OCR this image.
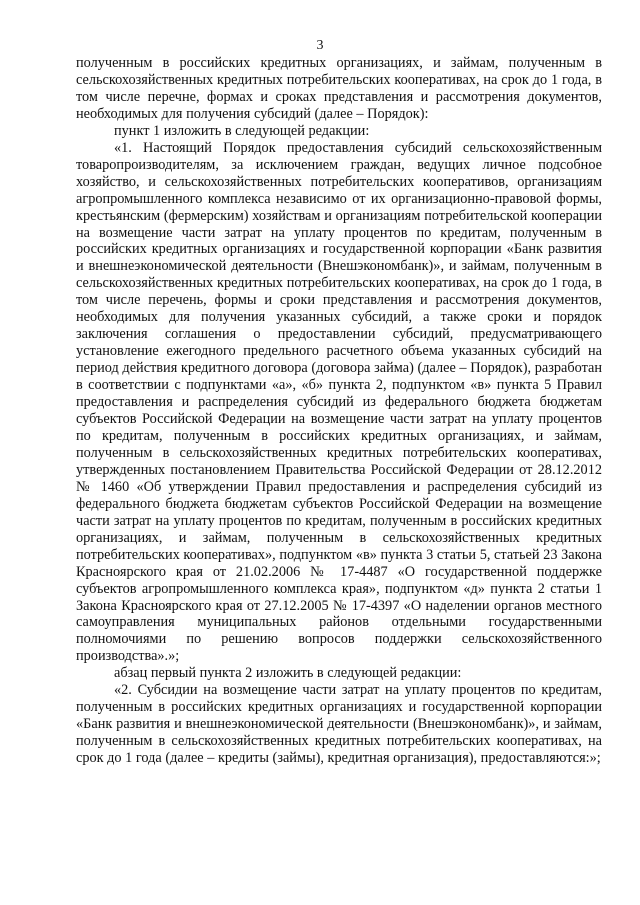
3

полученным в российских кредитных организациях, и займам, полученным в сельскохозяйственных кредитных потребительских кооперативах, на срок до 1 года, в том числе перечне, формах и сроках представления и рассмотрения документов, необходимых для получения субсидий (далее – Порядок):

пункт 1 изложить в следующей редакции:

«1. Настоящий Порядок предоставления субсидий сельскохозяйственным товаропроизводителям, за исключением граждан, ведущих личное подсобное хозяйство, и сельскохозяйственных потребительских кооперативов, организациям агропромышленного комплекса независимо от их организационно-правовой формы, крестьянским (фермерским) хозяйствам и организациям потребительской кооперации на возмещение части затрат на уплату процентов по кредитам, полученным в российских кредитных организациях и государственной корпорации «Банк развития и внешнеэкономической деятельности (Внешэкономбанк)», и займам, полученным в сельскохозяйственных кредитных потребительских кооперативах, на срок до 1 года, в том числе перечень, формы и сроки представления и рассмотрения документов, необходимых для получения указанных субсидий, а также сроки и порядок заключения соглашения о предоставлении субсидий, предусматривающего установление ежегодного предельного расчетного объема указанных субсидий на период действия кредитного договора (договора займа) (далее – Порядок), разработан в соответствии с подпунктами «а», «б» пункта 2, подпунктом «в» пункта 5 Правил предоставления и распределения субсидий из федерального бюджета бюджетам субъектов Российской Федерации на возмещение части затрат на уплату процентов по кредитам, полученным в российских кредитных организациях, и займам, полученным в сельскохозяйственных кредитных потребительских кооперативах, утвержденных постановлением Правительства Российской Федерации от 28.12.2012 № 1460 «Об утверждении Правил предоставления и распределения субсидий из федерального бюджета бюджетам субъектов Российской Федерации на возмещение части затрат на уплату процентов по кредитам, полученным в российских кредитных организациях, и займам, полученным в сельскохозяйственных кредитных потребительских кооперативах», подпунктом «в» пункта 3 статьи 5, статьей 23 Закона Красноярского края от 21.02.2006 № 17-4487 «О государственной поддержке субъектов агропромышленного комплекса края», подпунктом «д» пункта 2 статьи 1 Закона Красноярского края от 27.12.2005 № 17-4397 «О наделении органов местного самоуправления муниципальных районов отдельными государственными полномочиями по решению вопросов поддержки сельскохозяйственного производства».»;

абзац первый пункта 2 изложить в следующей редакции:

«2. Субсидии на возмещение части затрат на уплату процентов по кредитам, полученным в российских кредитных организациях и государственной корпорации «Банк развития и внешнеэкономической деятельности (Внешэкономбанк)», и займам, полученным в сельскохозяйственных кредитных потребительских кооперативах, на срок до 1 года (далее – кредиты (займы), кредитная организация), предоставляются:»;
